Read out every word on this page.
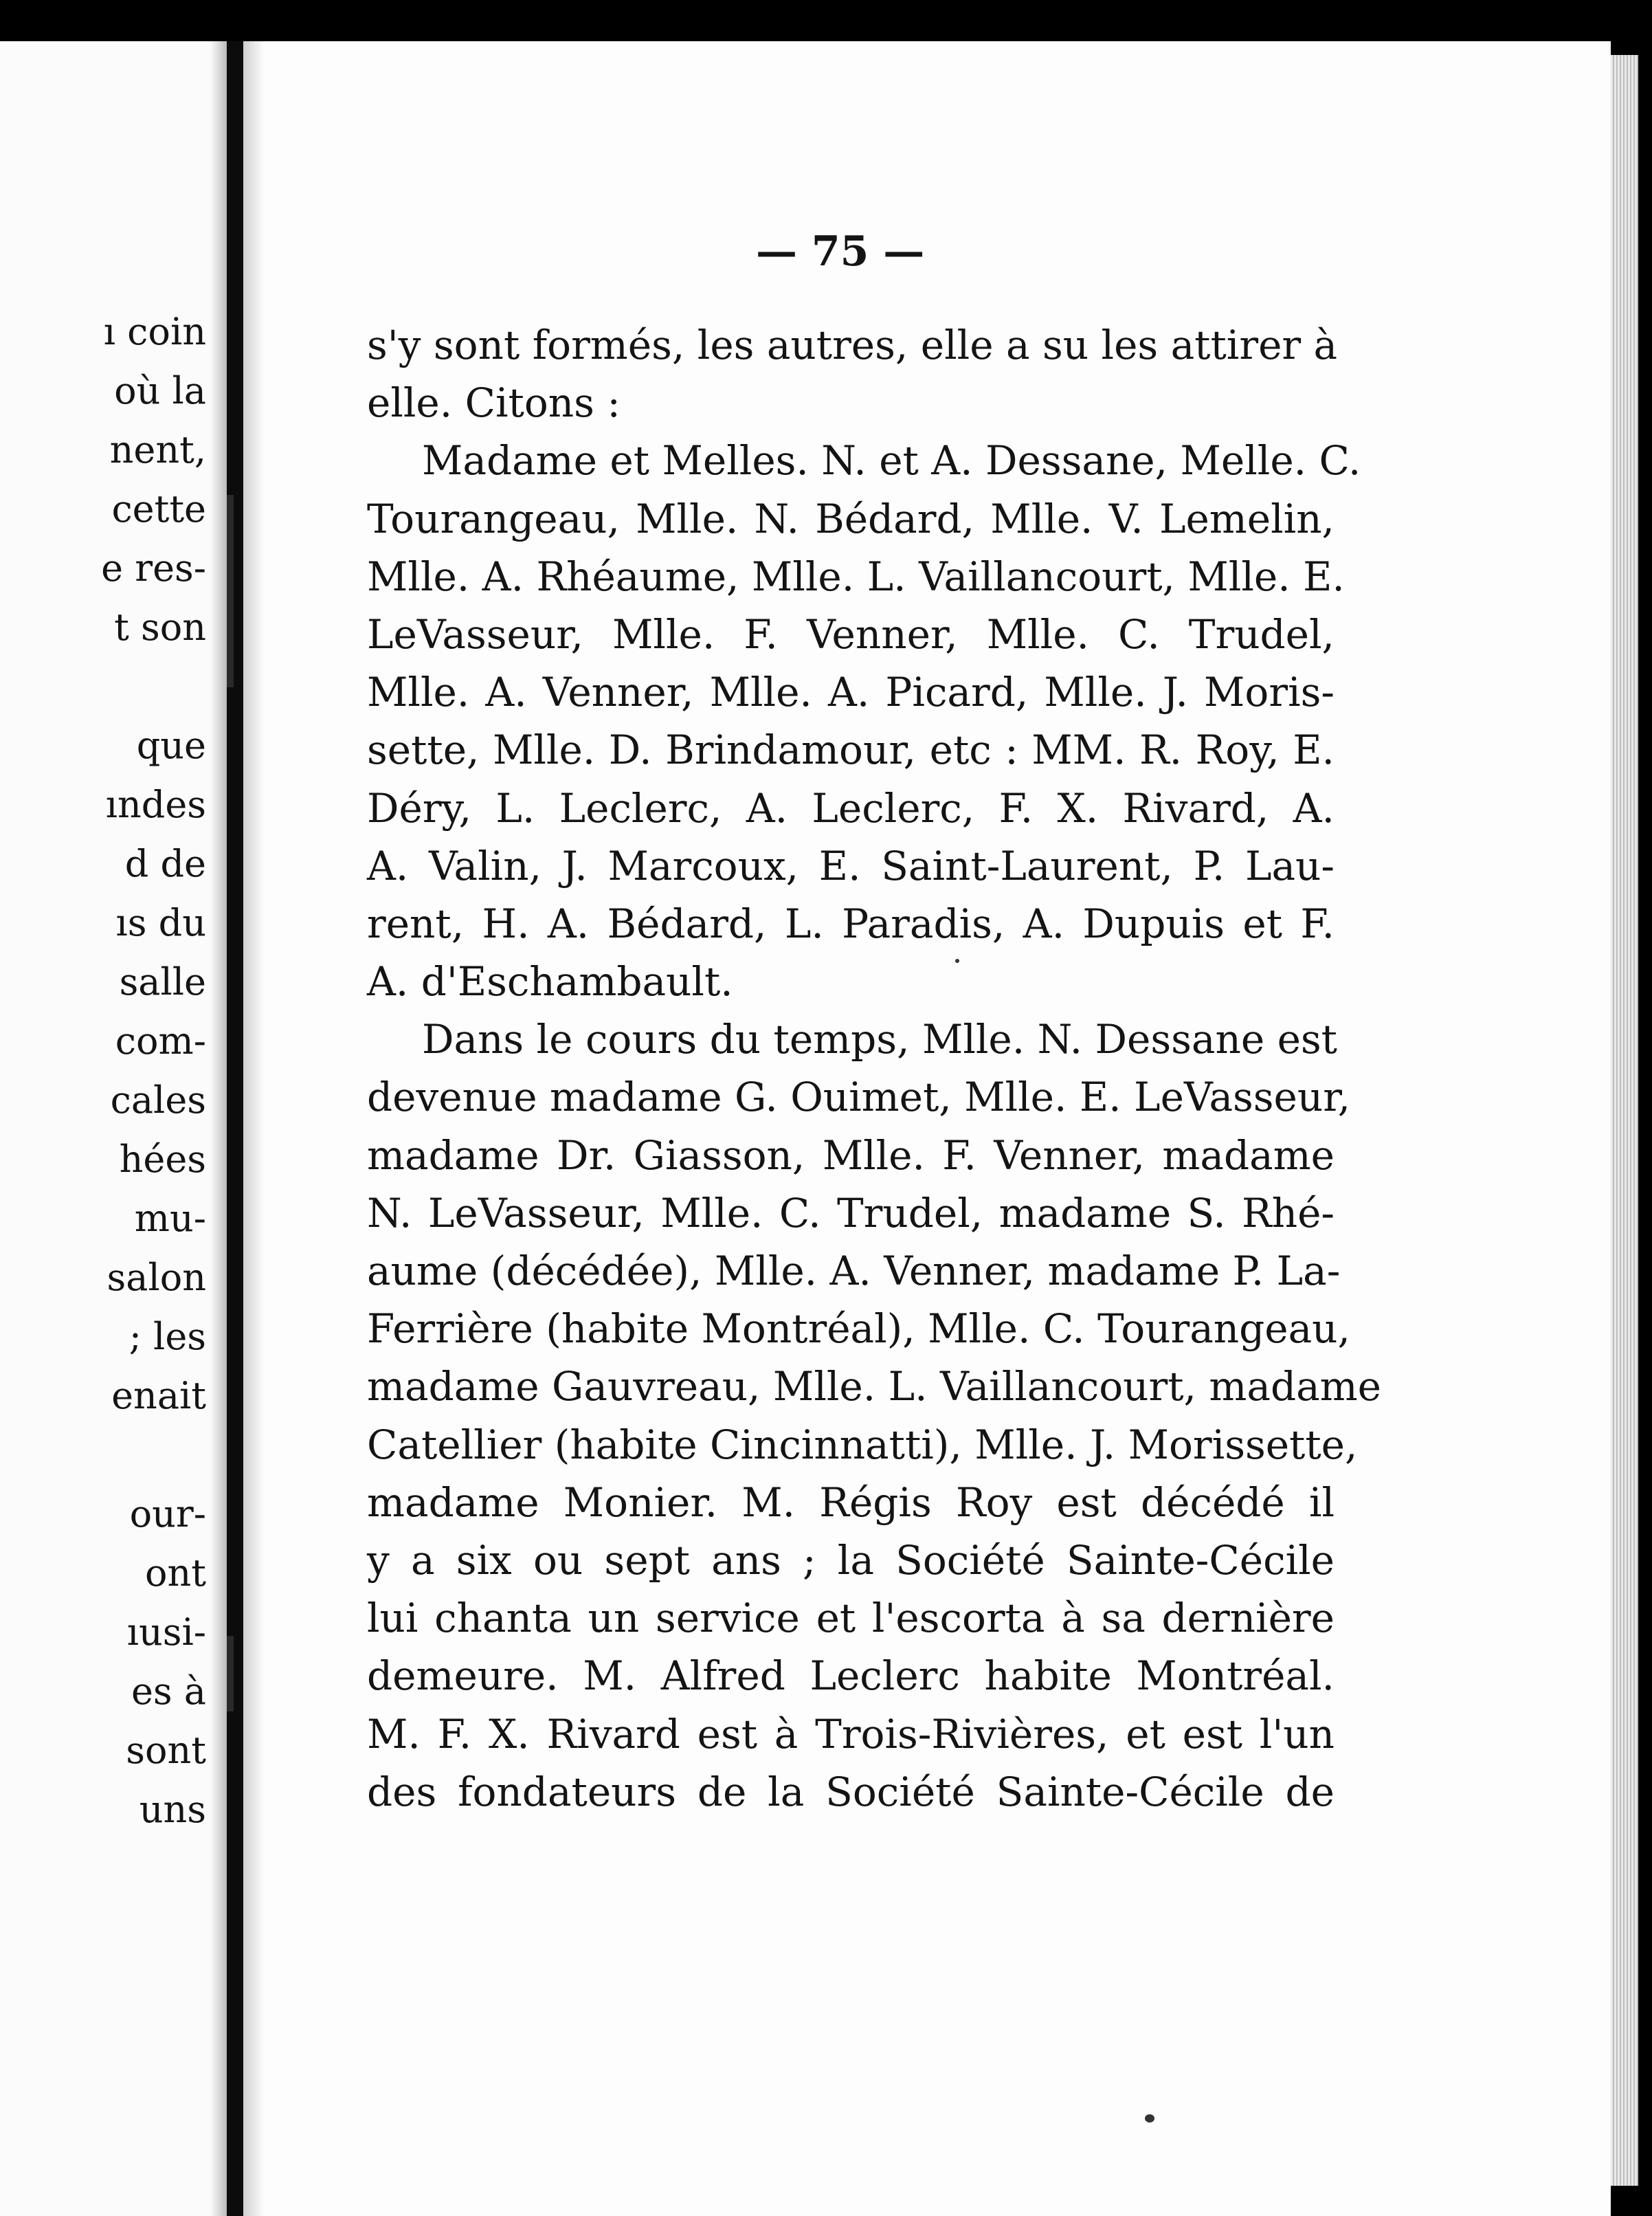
ı coin
où la
nent,
cette
e res-
t son
que
ındes
d de
ıs du
salle
com-
cales
hées
mu-
salon
; les
enait
our-
ont
ıusi-
es à
sont
uns
— 75 —
s'y sont formés, les autres, elle a su les attirer à
elle. Citons :
Madame et Melles. N. et A. Dessane, Melle. C.
Tourangeau, Mlle. N. Bédard, Mlle. V. Lemelin,
Mlle. A. Rhéaume, Mlle. L. Vaillancourt, Mlle. E.
LeVasseur, Mlle. F. Venner, Mlle. C. Trudel,
Mlle. A. Venner, Mlle. A. Picard, Mlle. J. Moris-
sette, Mlle. D. Brindamour, etc : MM. R. Roy, E.
Déry, L. Leclerc, A. Leclerc, F. X. Rivard, A.
A. Valin, J. Marcoux, E. Saint-Laurent, P. Lau-
rent, H. A. Bédard, L. Paradis, A. Dupuis et F.
A. d'Eschambault.
Dans le cours du temps, Mlle. N. Dessane est
devenue madame G. Ouimet, Mlle. E. LeVasseur,
madame Dr. Giasson, Mlle. F. Venner, madame
N. LeVasseur, Mlle. C. Trudel, madame S. Rhé-
aume (décédée), Mlle. A. Venner, madame P. La-
Ferrière (habite Montréal), Mlle. C. Tourangeau,
madame Gauvreau, Mlle. L. Vaillancourt, madame
Catellier (habite Cincinnatti), Mlle. J. Morissette,
madame Monier. M. Régis Roy est décédé il
y a six ou sept ans ; la Société Sainte-Cécile
lui chanta un service et l'escorta à sa dernière
demeure. M. Alfred Leclerc habite Montréal.
M. F. X. Rivard est à Trois-Rivières, et est l'un
des fondateurs de la Société Sainte-Cécile de
